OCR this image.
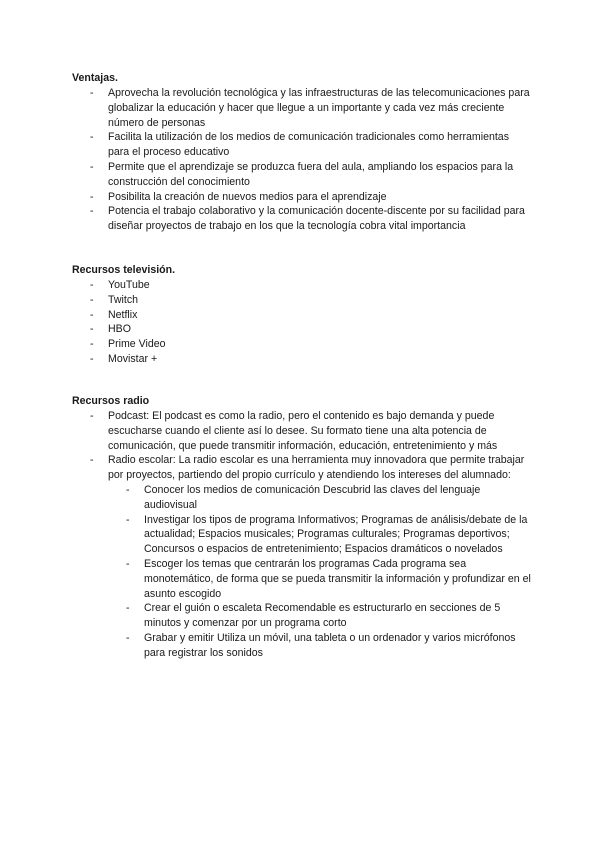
Ventajas.

- Aprovecha la revolución tecnológica y las infraestructuras de las telecomunicaciones para globalizar la educación y hacer que llegue a un importante y cada vez más creciente número de personas
- Facilita la utilización de los medios de comunicación tradicionales como herramientas para el proceso educativo
- Permite que el aprendizaje se produzca fuera del aula, ampliando los espacios para la construcción del conocimiento
- Posibilita la creación de nuevos medios para el aprendizaje
- Potencia el trabajo colaborativo y la comunicación docente-discente por su facilidad para diseñar proyectos de trabajo en los que la tecnología cobra vital importancia

Recursos televisión.

- YouTube
- Twitch
- Netflix
- HBO
- Prime Video
- Movistar +

Recursos radio

- Podcast: El podcast es como la radio, pero el contenido es bajo demanda y puede escucharse cuando el cliente así lo desee. Su formato tiene una alta potencia de comunicación, que puede transmitir información, educación, entretenimiento y más
- Radio escolar: La radio escolar es una herramienta muy innovadora que permite trabajar por proyectos, partiendo del propio currículo y atendiendo los intereses del alumnado:
- Conocer los medios de comunicación Descubrid las claves del lenguaje audiovisual
- Investigar los tipos de programa Informativos; Programas de análisis/debate de la actualidad; Espacios musicales; Programas culturales; Programas deportivos; Concursos o espacios de entretenimiento; Espacios dramáticos o novelados
- Escoger los temas que centrarán los programas Cada programa sea monotemático, de forma que se pueda transmitir la información y profundizar en el asunto escogido
- Crear el guión o escaleta Recomendable es estructurarlo en secciones de 5 minutos y comenzar por un programa corto
- Grabar y emitir Utiliza un móvil, una tableta o un ordenador y varios micrófonos para registrar los sonidos
